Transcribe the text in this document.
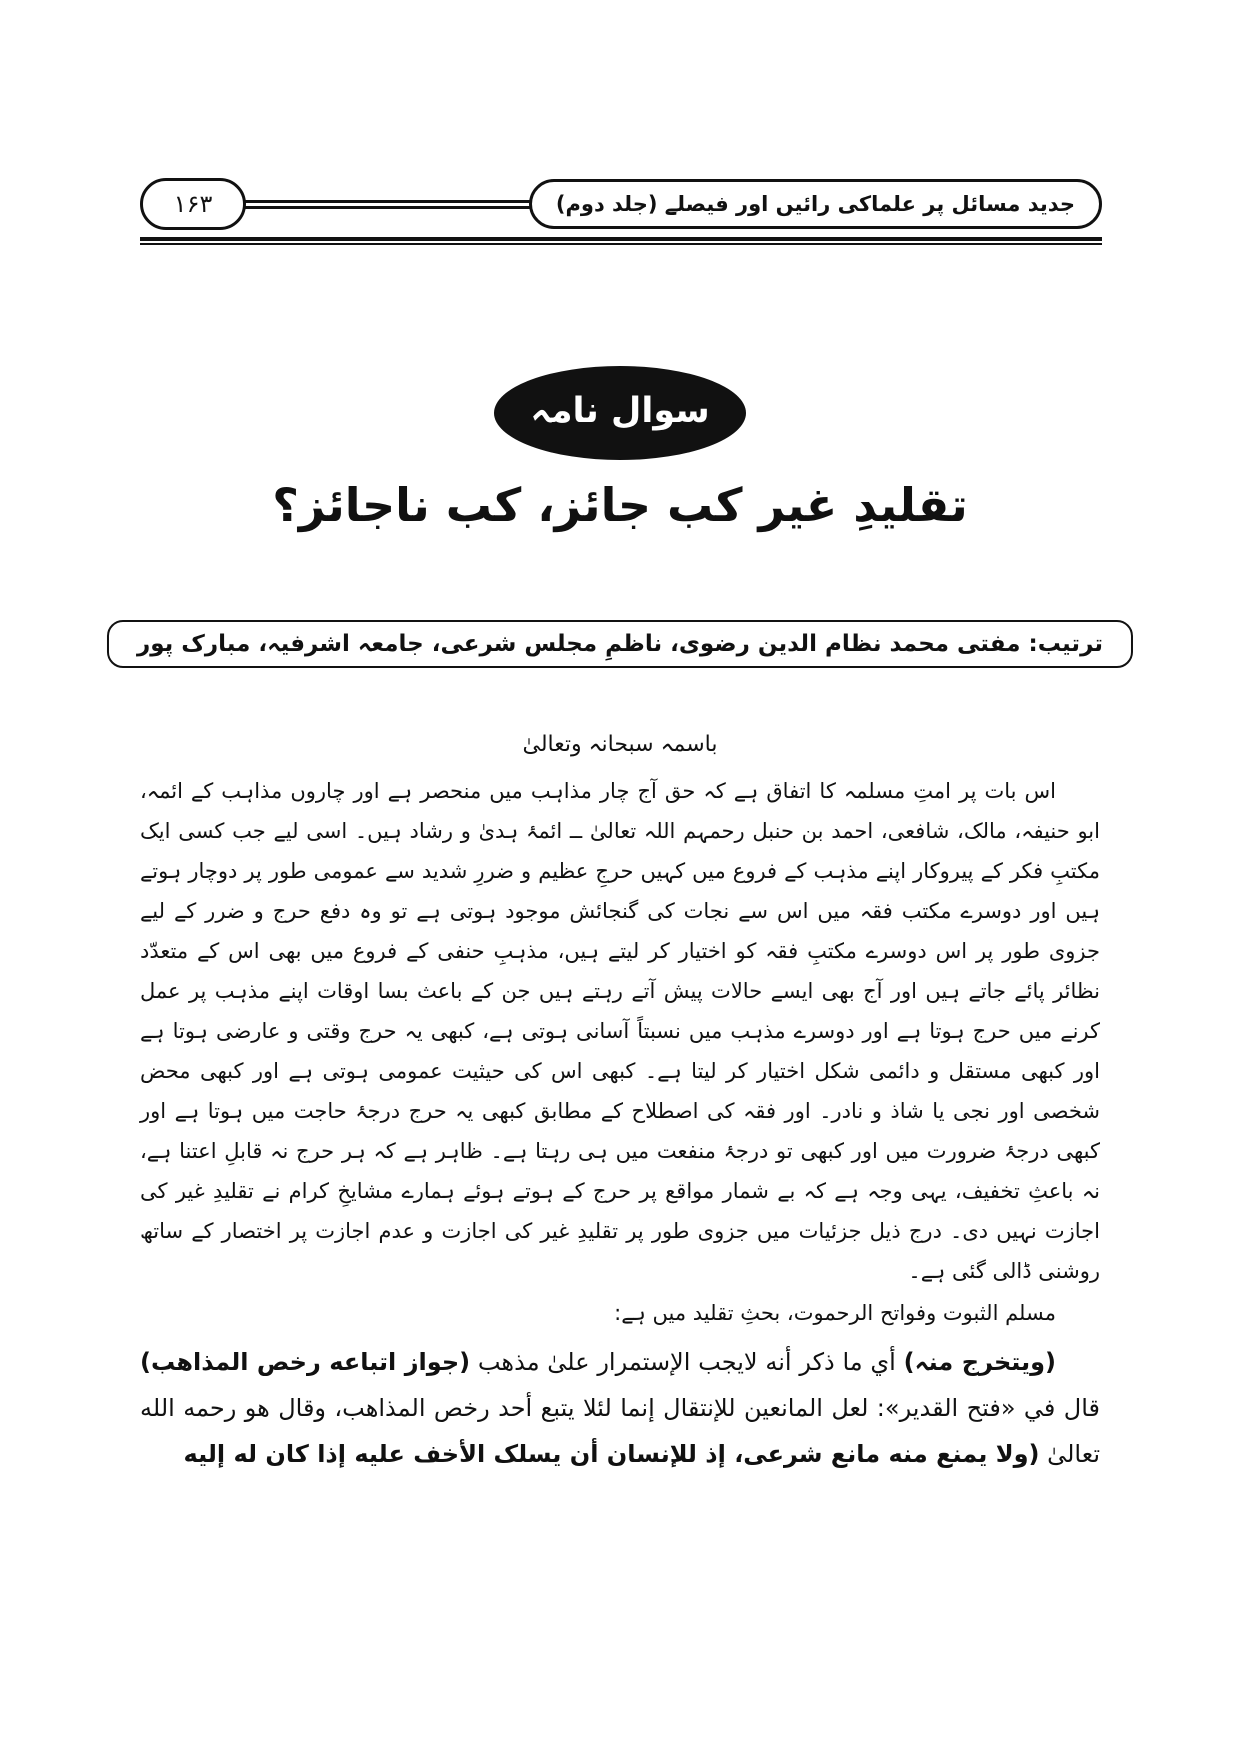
۱۶۳	جدید مسائل پر علماکی رائیں اور فیصلے (جلد دوم)
سوال نامہ
تقلیدِ غیر کب جائز، کب ناجائز؟
ترتیب: مفتی محمد نظام الدین رضوی، ناظمِ مجلس شرعی، جامعہ اشرفیہ، مبارک پور
باسمہ سبحانہ وتعالیٰ

اس بات پر امتِ مسلمہ کا اتفاق ہے کہ حق آج چار مذاہب میں منحصر ہے اور چاروں مذاہب کے ائمہ، ابو حنیفہ، مالک، شافعی، احمد بن حنبل رحمہم اللہ تعالیٰ ــ ائمۂ ہدیٰ و رشاد ہیں۔ اسی لیے جب کسی ایک مکتبِ فکر کے پیروکار اپنے مذہب کے فروع میں کہیں حرجِ عظیم و ضررِ شدید سے عمومی طور پر دوچار ہوتے ہیں اور دوسرے مکتب فقہ میں اس سے نجات کی گنجائش موجود ہوتی ہے تو وہ دفع حرج و ضرر کے لیے جزوی طور پر اس دوسرے مکتبِ فقہ کو اختیار کر لیتے ہیں، مذہبِ حنفی کے فروع میں بھی اس کے متعدّد نظائر پائے جاتے ہیں اور آج بھی ایسے حالات پیش آتے رہتے ہیں جن کے باعث بسا اوقات اپنے مذہب پر عمل کرنے میں حرج ہوتا ہے اور دوسرے مذہب میں نسبتاً آسانی ہوتی ہے، کبھی یہ حرج وقتی و عارضی ہوتا ہے اور کبھی مستقل و دائمی شکل اختیار کر لیتا ہے۔ کبھی اس کی حیثیت عمومی ہوتی ہے اور کبھی محض شخصی اور نجی یا شاذ و نادر۔ اور فقہ کی اصطلاح کے مطابق کبھی یہ حرج درجۂ حاجت میں ہوتا ہے اور کبھی درجۂ ضرورت میں اور کبھی تو درجۂ منفعت میں ہی رہتا ہے۔ ظاہر ہے کہ ہر حرج نہ قابلِ اعتنا ہے، نہ باعثِ تخفیف، یہی وجہ ہے کہ بے شمار مواقع پر حرج کے ہوتے ہوئے ہمارے مشایخِ کرام نے تقلیدِ غیر کی اجازت نہیں دی۔ درج ذیل جزئیات میں جزوی طور پر تقلیدِ غیر کی اجازت و عدم اجازت پر اختصار کے ساتھ روشنی ڈالی گئی ہے۔

مسلم الثبوت وفواتح الرحموت، بحثِ تقلید میں ہے:

(ویتخرج منہ) أي ما ذكر أنه لايجب الإستمرار علىٰ مذهب (جواز اتباعه رخص المذاهب) قال في «فتح القدير»: لعل المانعين للإنتقال إنما لئلا يتبع أحد رخص المذاهب، وقال هو رحمه الله تعالىٰ (ولا يمنع منه مانع شرعی، إذ للإنسان أن يسلک الأخف عليه إذا كان له إليه
